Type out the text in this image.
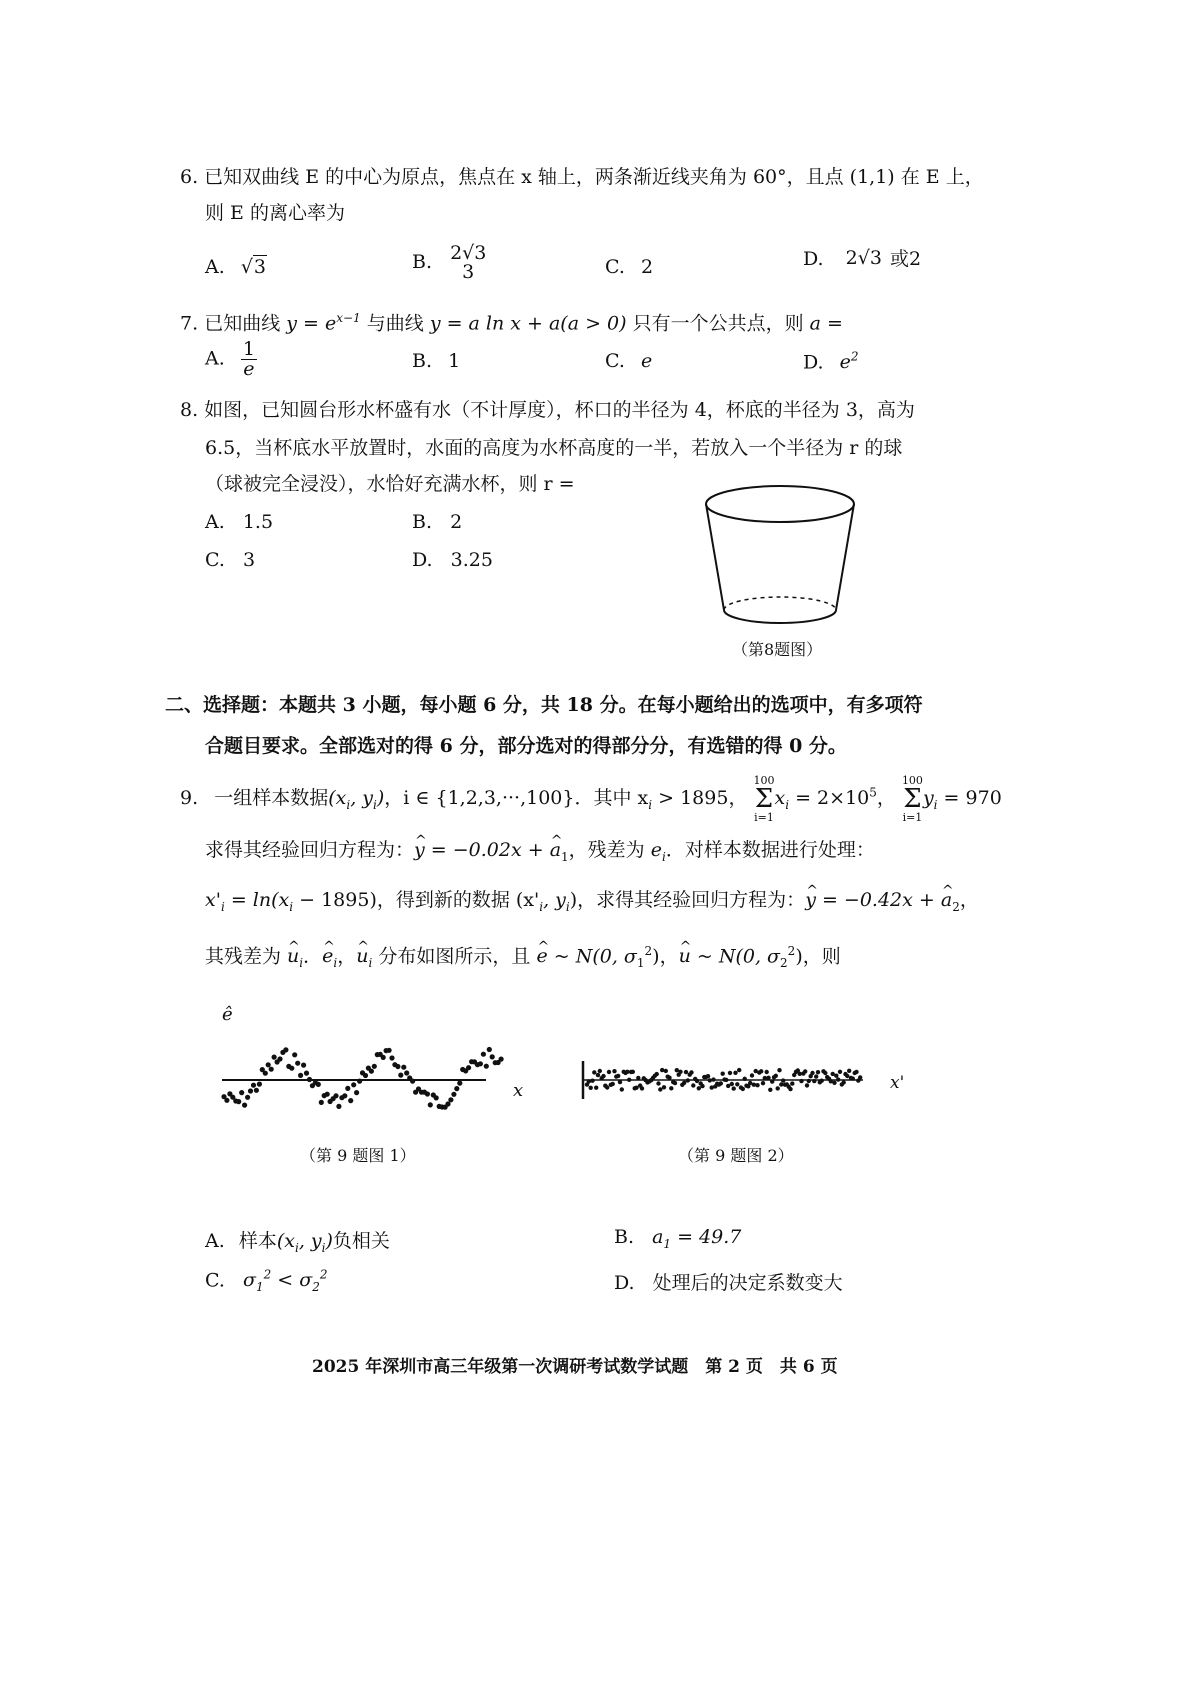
6. 已知双曲线 E 的中心为原点，焦点在 x 轴上，两条渐近线夹角为 60°，且点 (1,1) 在 E 上，
则 E 的离心率为
A. √3	B. 2√3
3	C. 2	D. 2√3 或2
7. 已知曲线 $y = e^{x-1}$ 与曲线 y = a ln x + a(a > 0) 只有一个公共点，则 a =
A. $\frac{1}{e}$	B. 1	C. e	D. $e^2$
8. 如图，已知圆台形水杯盛有水（不计厚度），杯口的半径为 4，杯底的半径为 3，高为
6.5，当杯底水平放置时，水面的高度为水杯高度的一半，若放入一个半径为 r 的球
（球被完全浸没），水恰好充满水杯，则 r =
A. 1.5	B. 2
C. 3	D. 3.25
（第8题图）
二、选择题：本题共 3 小题，每小题 6 分，共 18 分。在每小题给出的选项中，有多项符
合题目要求。全部选对的得 6 分，部分选对的得部分分，有选错的得 0 分。
9. 一组样本数据($x_i$, $y_i$)，i ∈ {1,2,3,···,100}．其中 $x_i > 1895$，
100
Σ
i=1
$x_i = 2\times 10^5$，
100
Σ
i=1
$y_i = 970$
求得其经验回归方程为：^ y = −0.02x + ^ $a_1$，残差为 $e_i$．对样本数据进行处理：
$x'_i = \ln(x_i - 1895)$，得到新的数据 ($x'_i$, $y_i$)，求得其经验回归方程为：^ y = −0.42x + ^ $a_2$，
其残差为 ^ $u_i$．^ $e_i$，^ $u_i$ 分布如图所示，且 ^ e ~ N(0, $\sigma_1^2$)，^ u ~ N(0, $\sigma_2^2$)，则
ê
x
（第 9 题图 1）
x'
（第 9 题图 2）
A. 样本($x_i$, $y_i$)负相关	B. $a_1 = 49.7$
C. $\sigma_1^2 < \sigma_2^2$	D. 处理后的决定系数变大
2025 年深圳市高三年级第一次调研考试数学试题　第 2 页　共 6 页
